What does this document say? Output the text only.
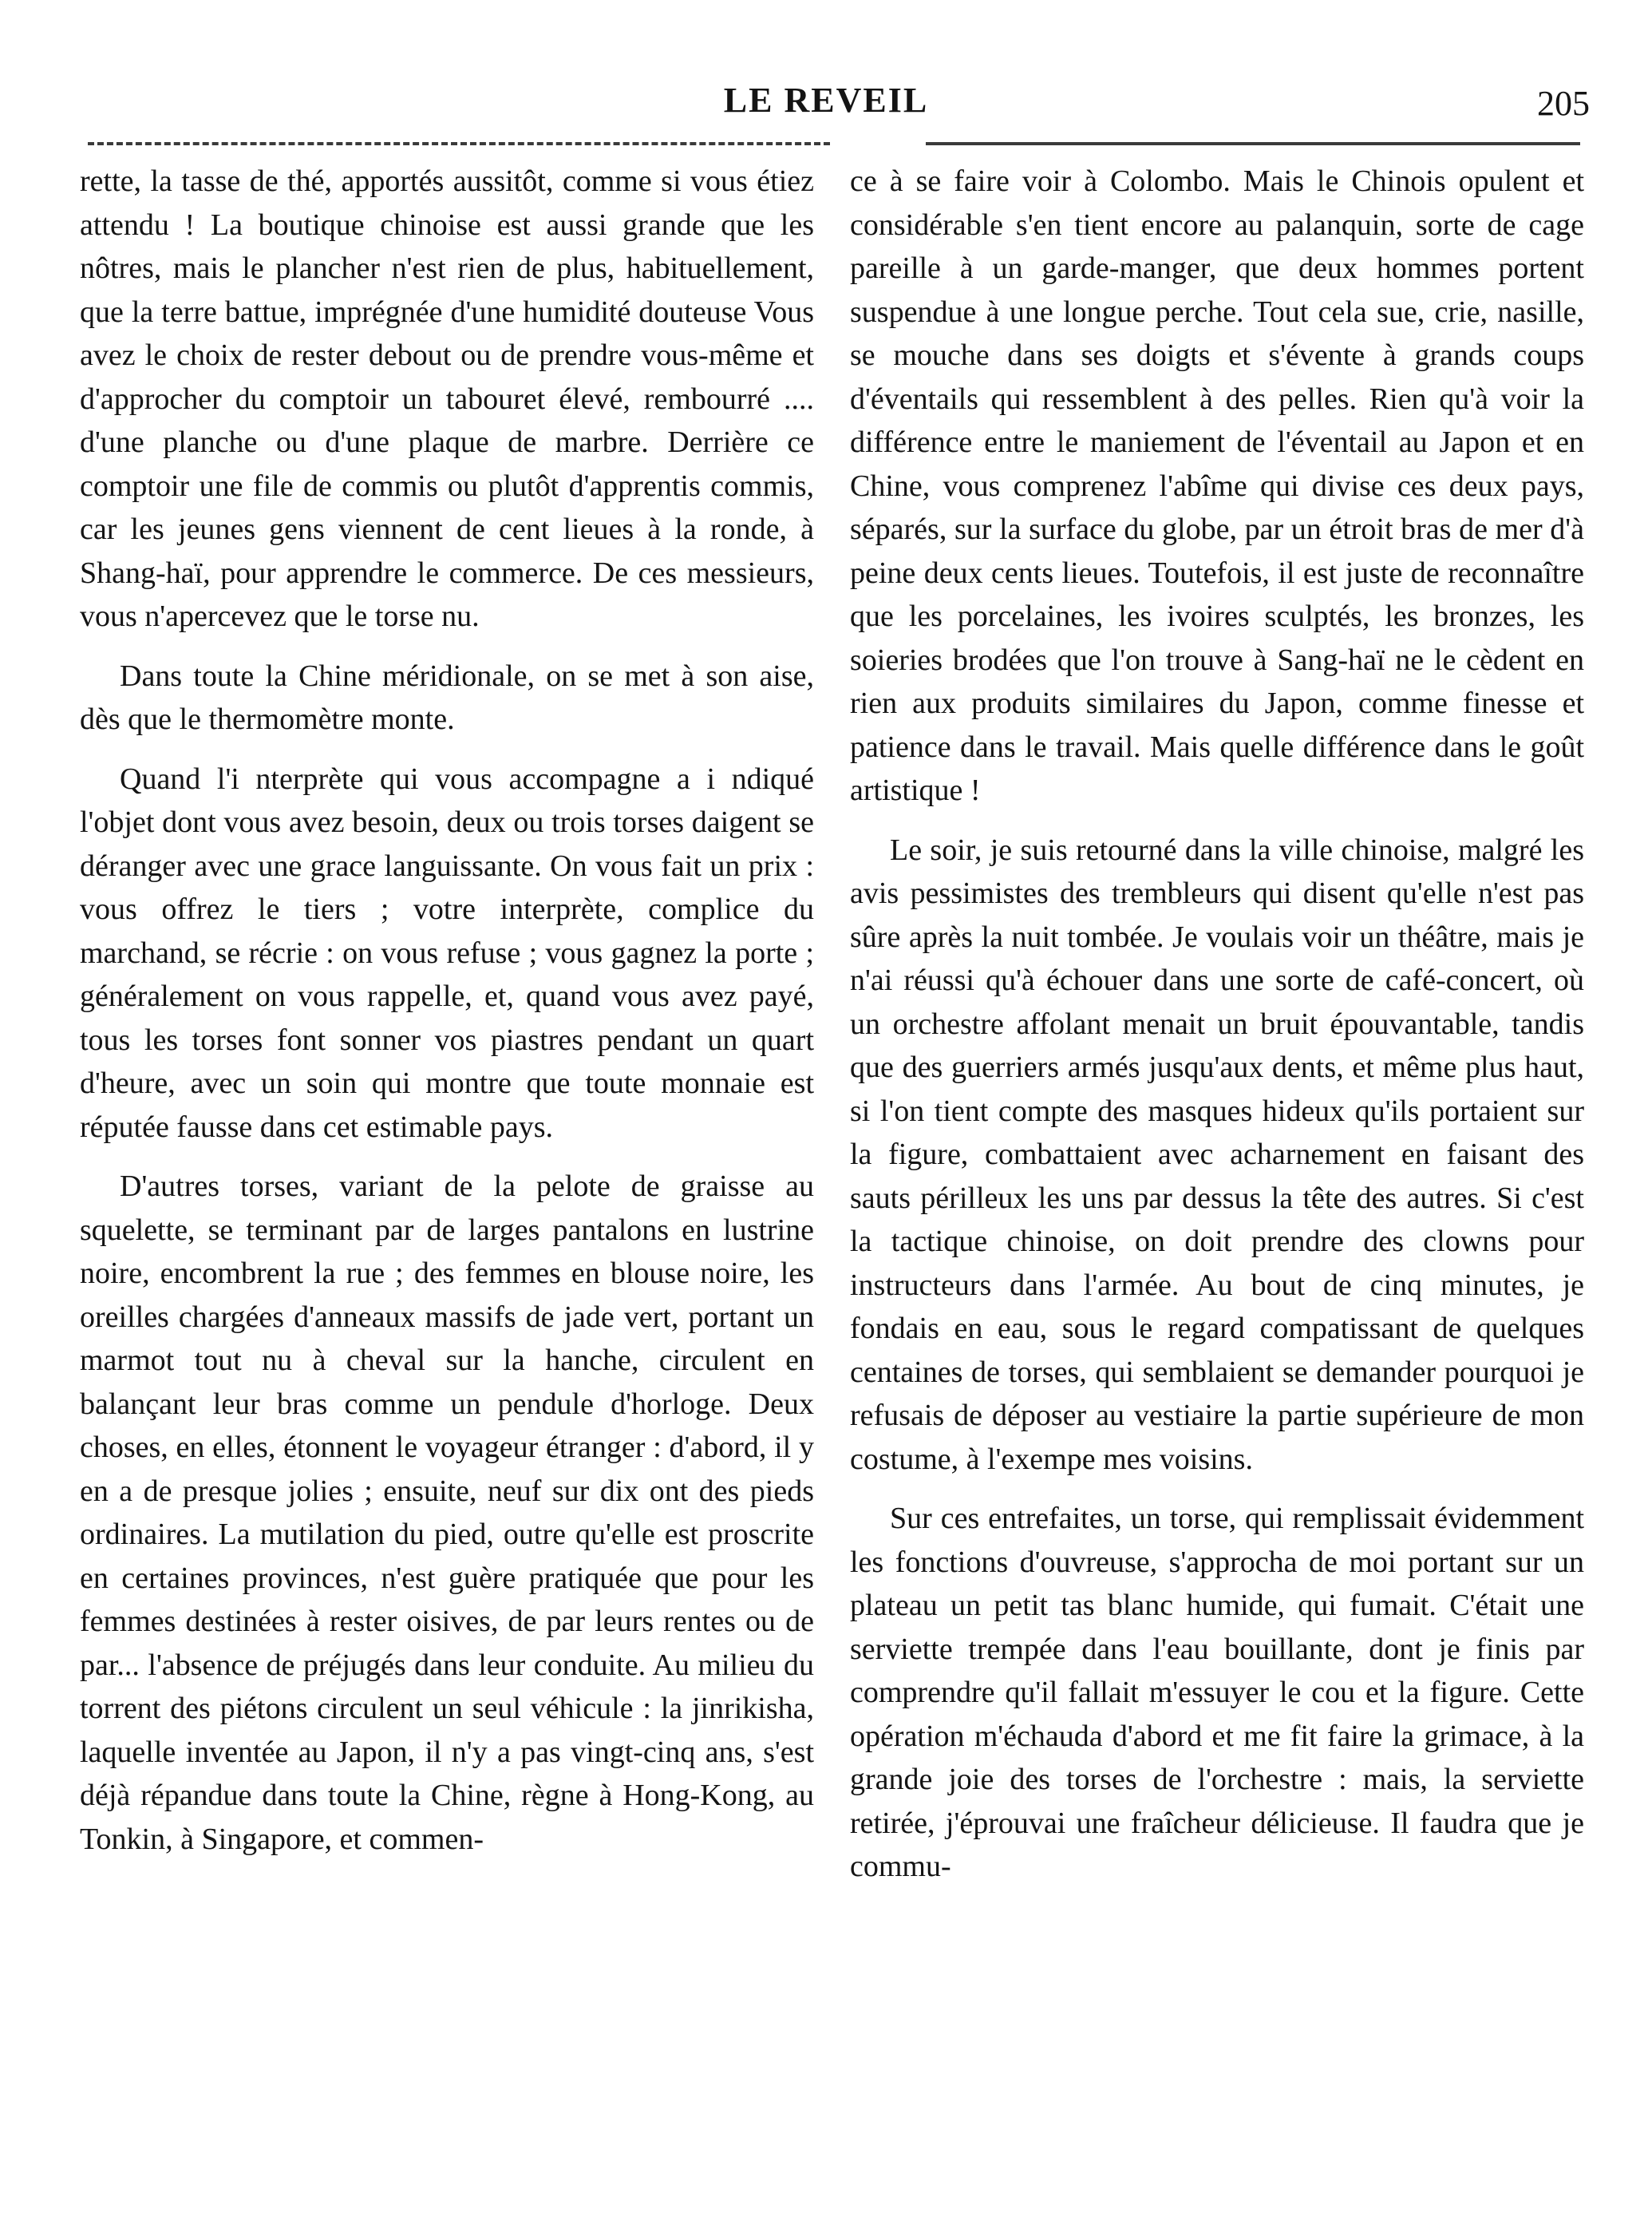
LE REVEIL	205

rette, la tasse de thé, apportés aussitôt, comme si vous étiez attendu ! La boutique chinoise est aussi grande que les nôtres, mais le plancher n'est rien de plus, habituellement, que la terre battue, imprégnée d'une humidité douteuse Vous avez le choix de rester debout ou de prendre vous-même et d'approcher du comptoir un tabouret élevé, rembourré .... d'une planche ou d'une plaque de marbre. Derrière ce comptoir une file de commis ou plutôt d'apprentis commis, car les jeunes gens viennent de cent lieues à la ronde, à Shang-haï, pour apprendre le commerce. De ces messieurs, vous n'apercevez que le torse nu.

Dans toute la Chine méridionale, on se met à son aise, dès que le thermomètre monte.

Quand l'i nterprète qui vous accompagne a i ndiqué l'objet dont vous avez besoin, deux ou trois torses daigent se déranger avec une grace languissante. On vous fait un prix : vous offrez le tiers ; votre interprète, complice du marchand, se récrie : on vous refuse ; vous gagnez la porte ; généralement on vous rappelle, et, quand vous avez payé, tous les torses font sonner vos piastres pendant un quart d'heure, avec un soin qui montre que toute monnaie est réputée fausse dans cet estimable pays.

D'autres torses, variant de la pelote de graisse au squelette, se terminant par de larges pantalons en lustrine noire, encombrent la rue ; des femmes en blouse noire, les oreilles chargées d'anneaux massifs de jade vert, portant un marmot tout nu à cheval sur la hanche, circulent en balançant leur bras comme un pendule d'horloge. Deux choses, en elles, étonnent le voyageur étranger : d'abord, il y en a de presque jolies ; ensuite, neuf sur dix ont des pieds ordinaires. La mutilation du pied, outre qu'elle est proscrite en certaines provinces, n'est guère pratiquée que pour les femmes destinées à rester oisives, de par leurs rentes ou de par... l'absence de préjugés dans leur conduite. Au milieu du torrent des piétons circulent un seul véhicule : la jinrikisha, laquelle inventée au Japon, il n'y a pas vingt-cinq ans, s'est déjà répandue dans toute la Chine, règne à Hong-Kong, au Tonkin, à Singapore, et commen-

ce à se faire voir à Colombo. Mais le Chinois opulent et considérable s'en tient encore au palanquin, sorte de cage pareille à un garde-manger, que deux hommes portent suspendue à une longue perche. Tout cela sue, crie, nasille, se mouche dans ses doigts et s'évente à grands coups d'éventails qui ressemblent à des pelles. Rien qu'à voir la différence entre le maniement de l'éventail au Japon et en Chine, vous comprenez l'abîme qui divise ces deux pays, séparés, sur la surface du globe, par un étroit bras de mer d'à peine deux cents lieues. Toutefois, il est juste de reconnaître que les porcelaines, les ivoires sculptés, les bronzes, les soieries brodées que l'on trouve à Sang-haï ne le cèdent en rien aux produits similaires du Japon, comme finesse et patience dans le travail. Mais quelle différence dans le goût artistique !

Le soir, je suis retourné dans la ville chinoise, malgré les avis pessimistes des trembleurs qui disent qu'elle n'est pas sûre après la nuit tombée. Je voulais voir un théâtre, mais je n'ai réussi qu'à échouer dans une sorte de café-concert, où un orchestre affolant menait un bruit épouvantable, tandis que des guerriers armés jusqu'aux dents, et même plus haut, si l'on tient compte des masques hideux qu'ils portaient sur la figure, combattaient avec acharnement en faisant des sauts périlleux les uns par dessus la tête des autres. Si c'est la tactique chinoise, on doit prendre des clowns pour instructeurs dans l'armée. Au bout de cinq minutes, je fondais en eau, sous le regard compatissant de quelques centaines de torses, qui semblaient se demander pourquoi je refusais de déposer au vestiaire la partie supérieure de mon costume, à l'exempe mes voisins.

Sur ces entrefaites, un torse, qui remplissait évidemment les fonctions d'ouvreuse, s'approcha de moi portant sur un plateau un petit tas blanc humide, qui fumait. C'était une serviette trempée dans l'eau bouillante, dont je finis par comprendre qu'il fallait m'essuyer le cou et la figure. Cette opération m'échauda d'abord et me fit faire la grimace, à la grande joie des torses de l'orchestre : mais, la serviette retirée, j'éprouvai une fraîcheur délicieuse. Il faudra que je commu-
